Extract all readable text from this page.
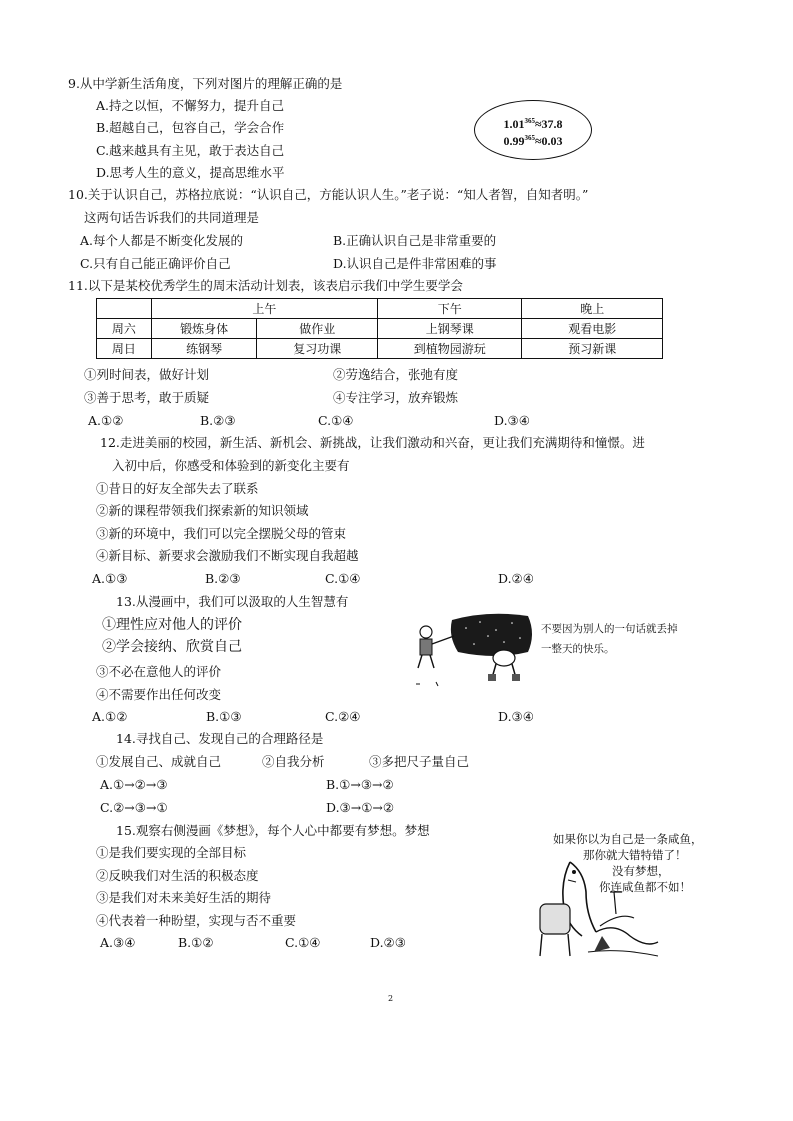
9.从中学新生活角度，下列对图片的理解正确的是
A.持之以恒，不懈努力，提升自己
B.超越自己，包容自己，学会合作
C.越来越具有主见，敢于表达自己
D.思考人生的意义，提高思维水平
$1.01^{365}\approx 37.8$
$0.99^{365}\approx 0.03$
10.关于认识自己，苏格拉底说：“认识自己，方能认识人生。”老子说：“知人者智，自知者明。”
这两句话告诉我们的共同道理是
A.每个人都是不断变化发展的	B.正确认识自己是非常重要的
C.只有自己能正确评价自己	D.认识自己是件非常困难的事
11.以下是某校优秀学生的周末活动计划表，该表启示我们中学生要学会
	上午		下午	晚上
周六	锻炼身体	做作业	上钢琴课	观看电影
周日	练钢琴	复习功课	到植物园游玩	预习新课
①列时间表，做好计划	②劳逸结合，张弛有度
③善于思考，敢于质疑	④专注学习，放弃锻炼
A.①②	B.②③	C.①④	D.③④
12.走进美丽的校园，新生活、新机会、新挑战，让我们激动和兴奋，更让我们充满期待和憧憬。进
入初中后，你感受和体验到的新变化主要有
①昔日的好友全部失去了联系
②新的课程带领我们探索新的知识领域
③新的环境中，我们可以完全摆脱父母的管束
④新目标、新要求会激励我们不断实现自我超越
A.①③	B.②③	C.①④	D.②④
13.从漫画中，我们可以汲取的人生智慧有
①理性应对他人的评价
②学会接纳、欣赏自己
③不必在意他人的评价
④不需要作出任何改变
A.①②	B.①③	C.②④	D.③④
不要因为别人的一句话就丢掉
一整天的快乐。
14.寻找自己、发现自己的合理路径是
①发展自己、成就自己	②自我分析	③多把尺子量自己
A.①→②→③	B.①→③→②
C.②→③→①	D.③→①→②
15.观察右侧漫画《梦想》，每个人心中都要有梦想。梦想
①是我们要实现的全部目标
②反映我们对生活的积极态度
③是我们对未来美好生活的期待
④代表着一种盼望，实现与否不重要
A.③④	B.①②	C.①④	D.②③
如果你以为自己是一条咸鱼，
那你就大错特错了！
没有梦想，
你连咸鱼都不如！
2
